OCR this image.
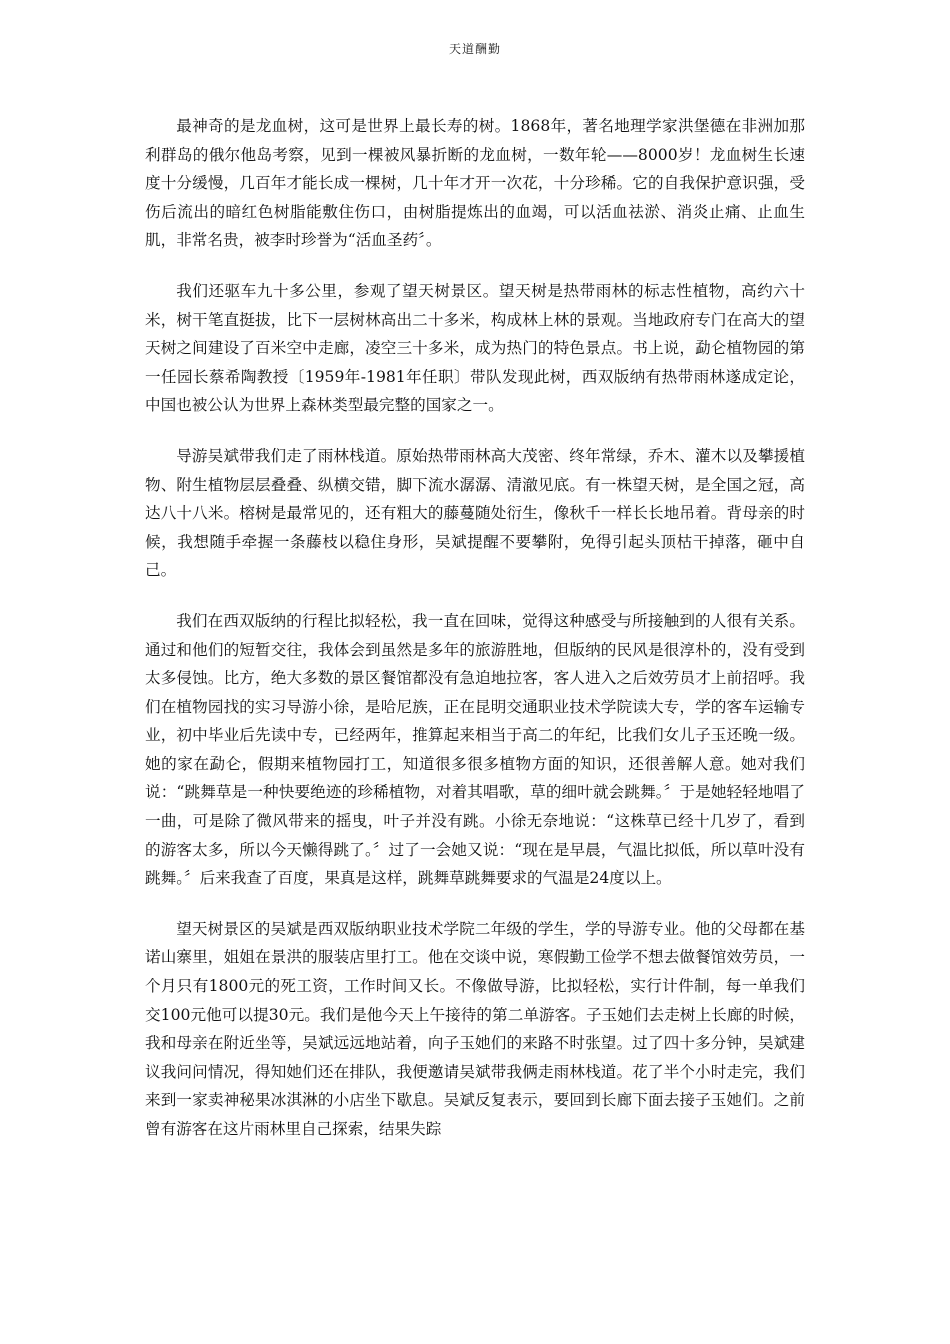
天道酬勤

最神奇的是龙血树，这可是世界上最长寿的树。1868年，著名地理学家洪堡德在非洲加那利群岛的俄尔他岛考察，见到一棵被风暴折断的龙血树，一数年轮——8000岁！龙血树生长速度十分缓慢，几百年才能长成一棵树，几十年才开一次花，十分珍稀。它的自我保护意识强，受伤后流出的暗红色树脂能敷住伤口，由树脂提炼出的血竭，可以活血祛淤、消炎止痛、止血生肌，非常名贵，被李时珍誉为“活血圣药〞。

我们还驱车九十多公里，参观了望天树景区。望天树是热带雨林的标志性植物，高约六十米，树干笔直挺拔，比下一层树林高出二十多米，构成林上林的景观。当地政府专门在高大的望天树之间建设了百米空中走廊，凌空三十多米，成为热门的特色景点。书上说，勐仑植物园的第一任园长蔡希陶教授〔1959年-1981年任职〕带队发现此树，西双版纳有热带雨林遂成定论，中国也被公认为世界上森林类型最完整的国家之一。

导游吴斌带我们走了雨林栈道。原始热带雨林高大茂密、终年常绿，乔木、灌木以及攀援植物、附生植物层层叠叠、纵横交错，脚下流水潺潺、清澈见底。有一株望天树，是全国之冠，高达八十八米。榕树是最常见的，还有粗大的藤蔓随处衍生，像秋千一样长长地吊着。背母亲的时候，我想随手牵握一条藤枝以稳住身形，吴斌提醒不要攀附，免得引起头顶枯干掉落，砸中自己。

我们在西双版纳的行程比拟轻松，我一直在回味，觉得这种感受与所接触到的人很有关系。通过和他们的短暂交往，我体会到虽然是多年的旅游胜地，但版纳的民风是很淳朴的，没有受到太多侵蚀。比方，绝大多数的景区餐馆都没有急迫地拉客，客人进入之后效劳员才上前招呼。我们在植物园找的实习导游小徐，是哈尼族，正在昆明交通职业技术学院读大专，学的客车运输专业，初中毕业后先读中专，已经两年，推算起来相当于高二的年纪，比我们女儿子玉还晚一级。她的家在勐仑，假期来植物园打工，知道很多很多植物方面的知识，还很善解人意。她对我们说：“跳舞草是一种快要绝迹的珍稀植物，对着其唱歌，草的细叶就会跳舞。〞于是她轻轻地唱了一曲，可是除了微风带来的摇曳，叶子并没有跳。小徐无奈地说：“这株草已经十几岁了，看到的游客太多，所以今天懒得跳了。〞过了一会她又说：“现在是早晨，气温比拟低，所以草叶没有跳舞。〞后来我查了百度，果真是这样，跳舞草跳舞要求的气温是24度以上。

望天树景区的吴斌是西双版纳职业技术学院二年级的学生，学的导游专业。他的父母都在基诺山寨里，姐姐在景洪的服装店里打工。他在交谈中说，寒假勤工俭学不想去做餐馆效劳员，一个月只有1800元的死工资，工作时间又长。不像做导游，比拟轻松，实行计件制，每一单我们交100元他可以提30元。我们是他今天上午接待的第二单游客。子玉她们去走树上长廊的时候，我和母亲在附近坐等，吴斌远远地站着，向子玉她们的来路不时张望。过了四十多分钟，吴斌建议我问问情况，得知她们还在排队，我便邀请吴斌带我俩走雨林栈道。花了半个小时走完，我们来到一家卖神秘果冰淇淋的小店坐下歇息。吴斌反复表示，要回到长廊下面去接子玉她们。之前曾有游客在这片雨林里自己探索，结果失踪
